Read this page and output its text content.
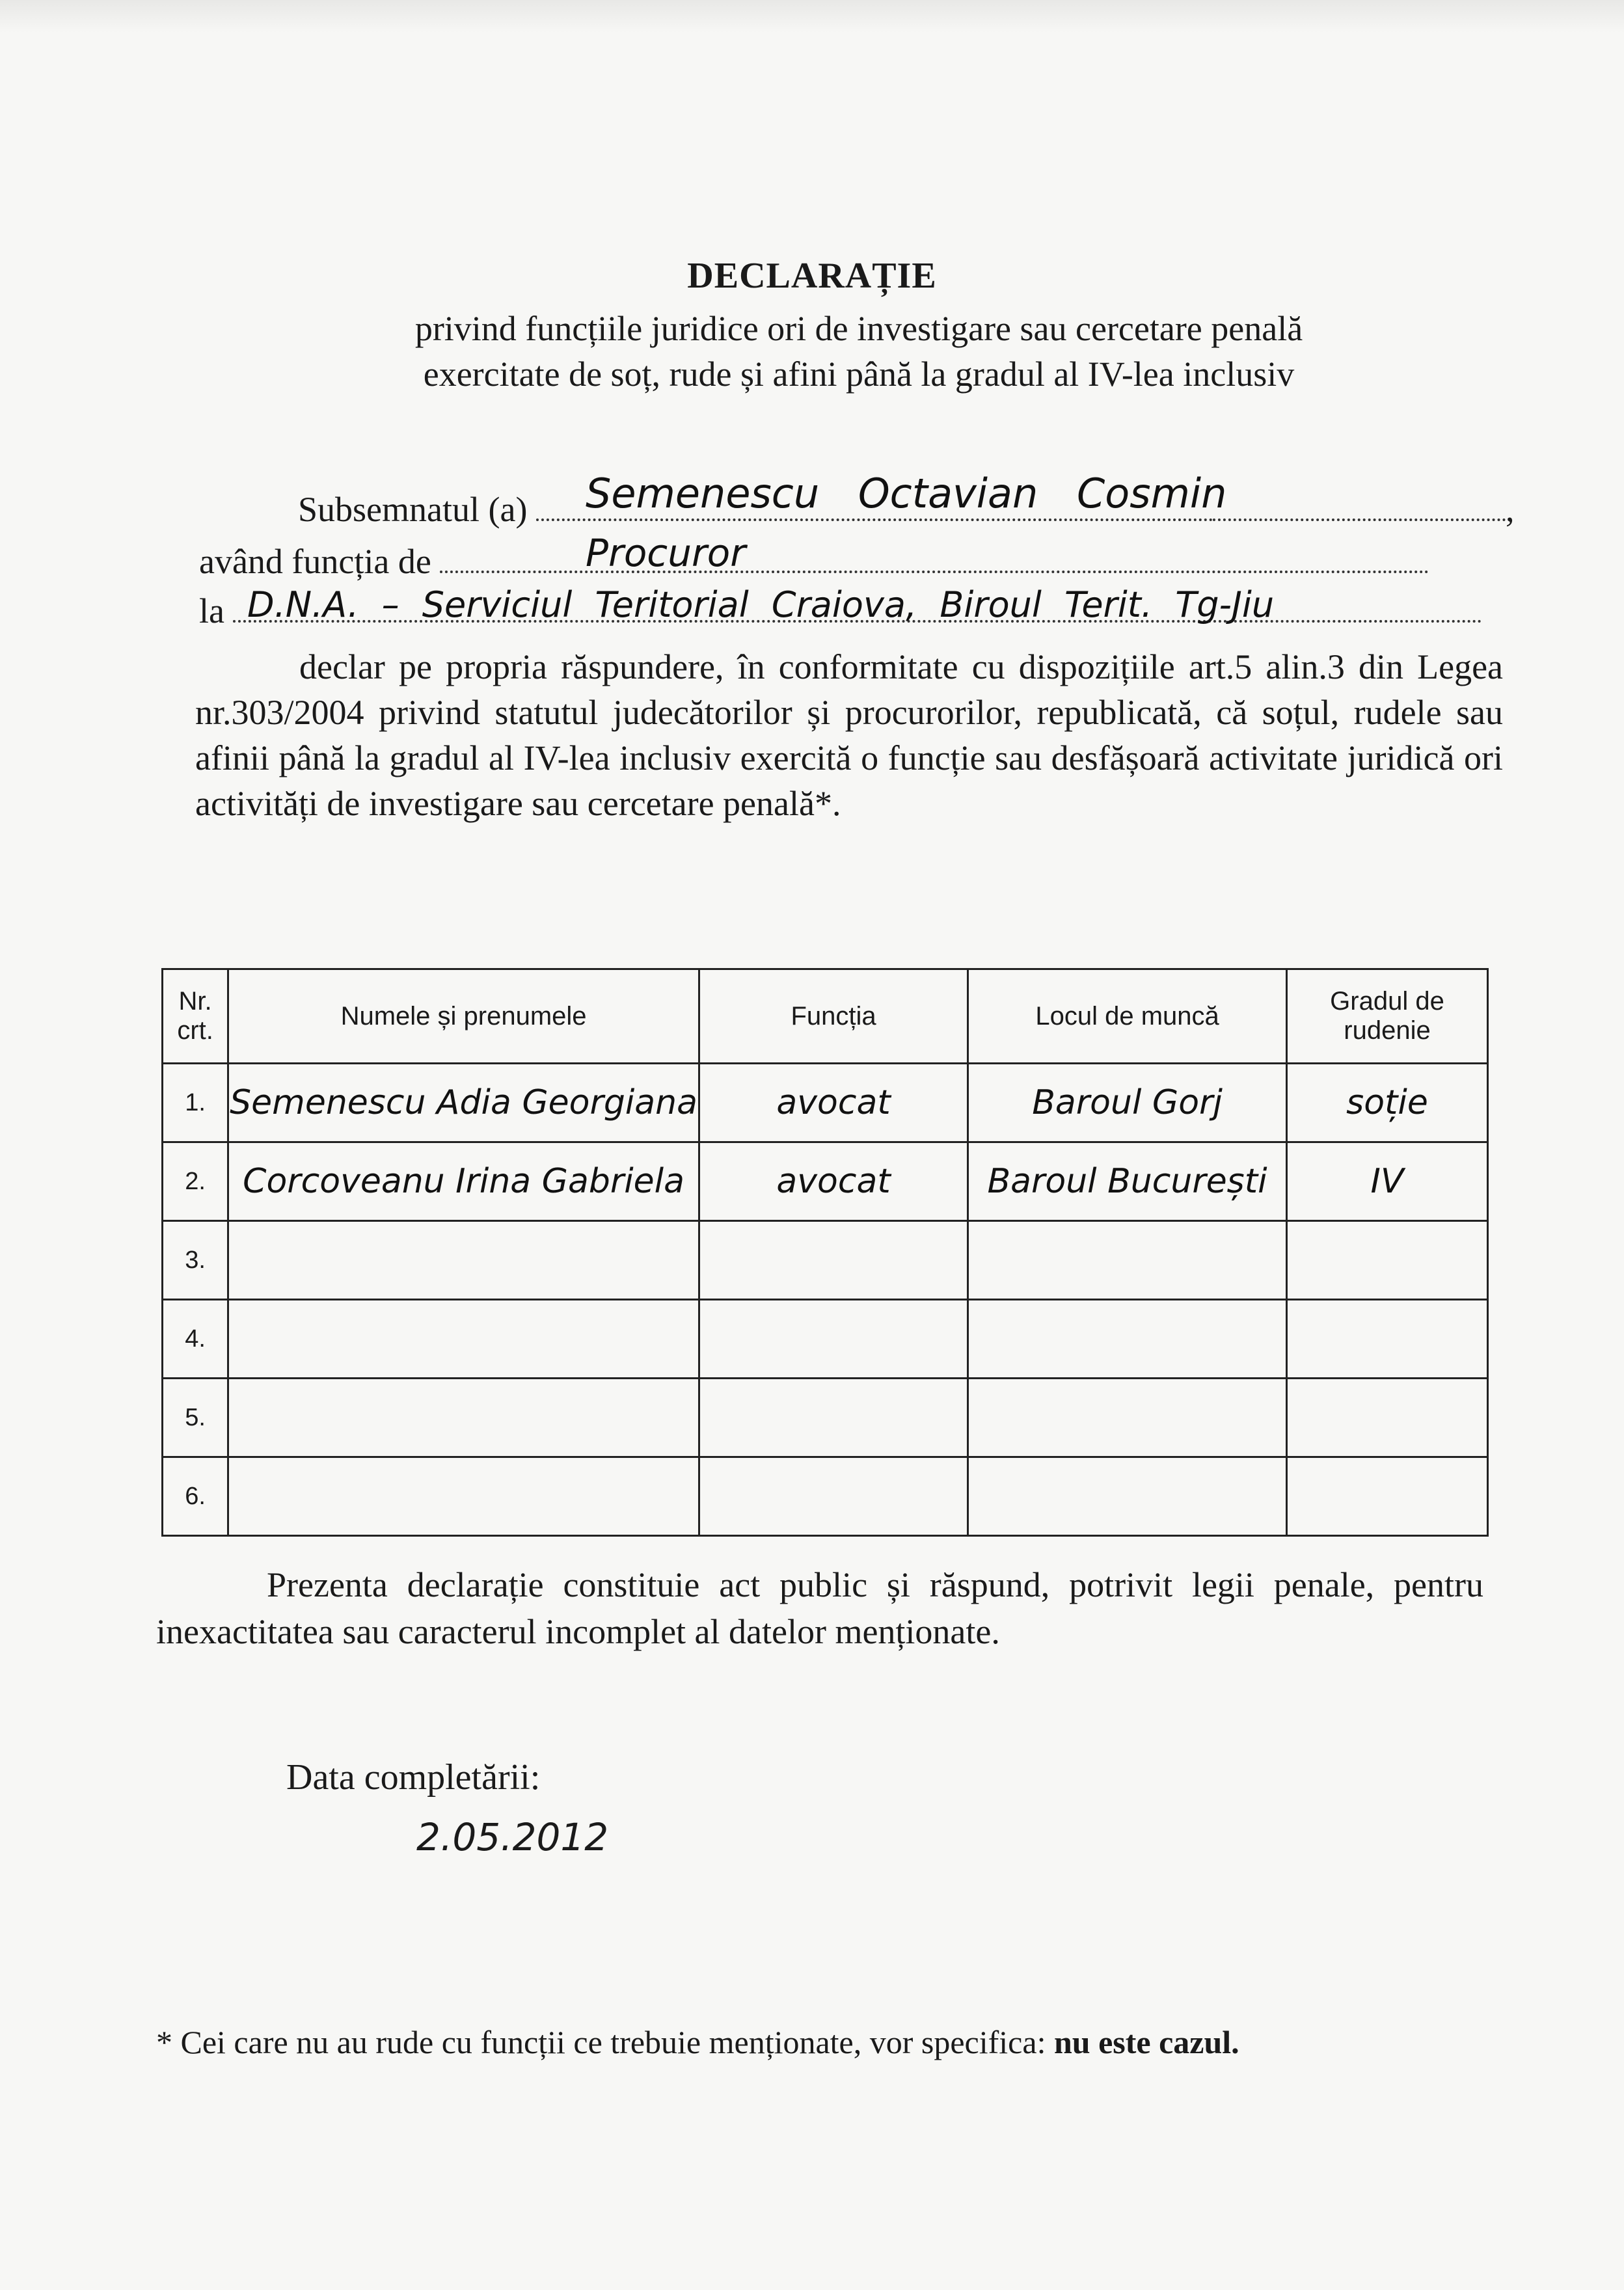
DECLARAȚIE
privind funcțiile juridice ori de investigare sau cercetare penală
exercitate de soț, rude și afini până la gradul al IV-lea inclusiv
Subsemnatul (a)	,
Semenescu Octavian Cosmin
având funcția de	Procuror
la D.N.A. – Serviciul Teritorial Craiova, Biroul Terit. Tg-Jiu
declar pe propria răspundere, în conformitate cu dispozițiile art.5 alin.3 din Legea nr.303/2004 privind statutul judecătorilor și procurorilor, republicată, că soțul, rudele sau afinii până la gradul al IV-lea inclusiv exercită o funcție sau desfășoară activitate juridică ori activități de investigare sau cercetare penală*.
Nr. crt.	Numele și prenumele	Funcția	Locul de muncă	Gradul de rudenie
1.	Semenescu Adia Georgiana	avocat	Baroul Gorj	soție
2.	Corcoveanu Irina Gabriela	avocat	Baroul București	IV
3.				
4.				
5.				
6.				
Prezenta declarație constituie act public și răspund, potrivit legii penale, pentru inexactitatea sau caracterul incomplet al datelor menționate.
Data completării:
2.05.2012
* Cei care nu au rude cu funcții ce trebuie menționate, vor specifica: nu este cazul.
